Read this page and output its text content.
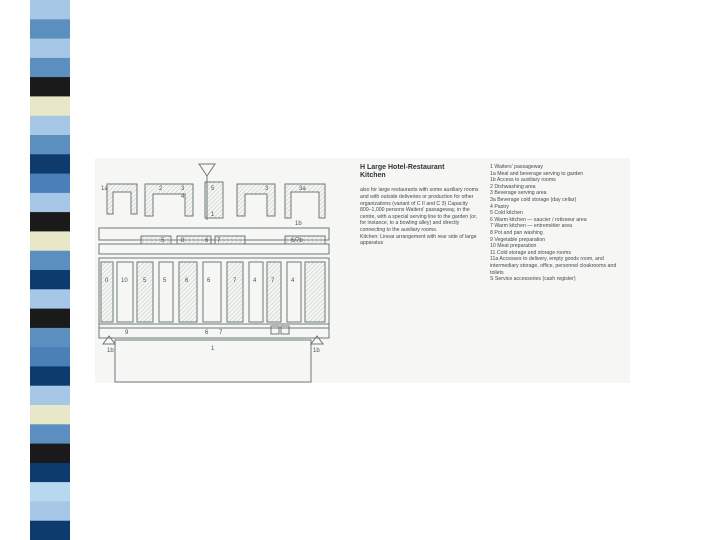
1a	2	3
4
5	3	3a
1
1b
5	8	6 7	6/7b
0 10	5	5	6	6	7	4 7	4
9	6 7
1
1b	1b
H Large Hotel-Restaurant
Kitchen

also for large restaurants with some auxiliary rooms and with outside deliveries or production for other organizations (variant of C II and C 3) Capacity 800–1,000 persons Waiters' passageway, in the centre, with a special serving line to the garden (or, for instance, to a bowling alley) and directly connecting to the auxiliary rooms.

Kitchen: Linear arrangement with rear side of large apparatus

1 Waiters' passageway
1a Meal and beverage serving to garden
1b Access to auxiliary rooms
2 Dishwashing area
3 Beverage serving area
3a Beverage cold storage (day cellar)
4 Pastry
5 Cold kitchen
6 Warm kitchen — saucier / rotisseur area
7 Warm kitchen — entremétier area
8 Pot and pan washing
9 Vegetable preparation
10 Meat preparation
11 Cold storage and storage rooms
11a Accesses to delivery, empty goods room, and intermediary storage, office, personnel cloakrooms and toilets
S Service accessories (cash register)
